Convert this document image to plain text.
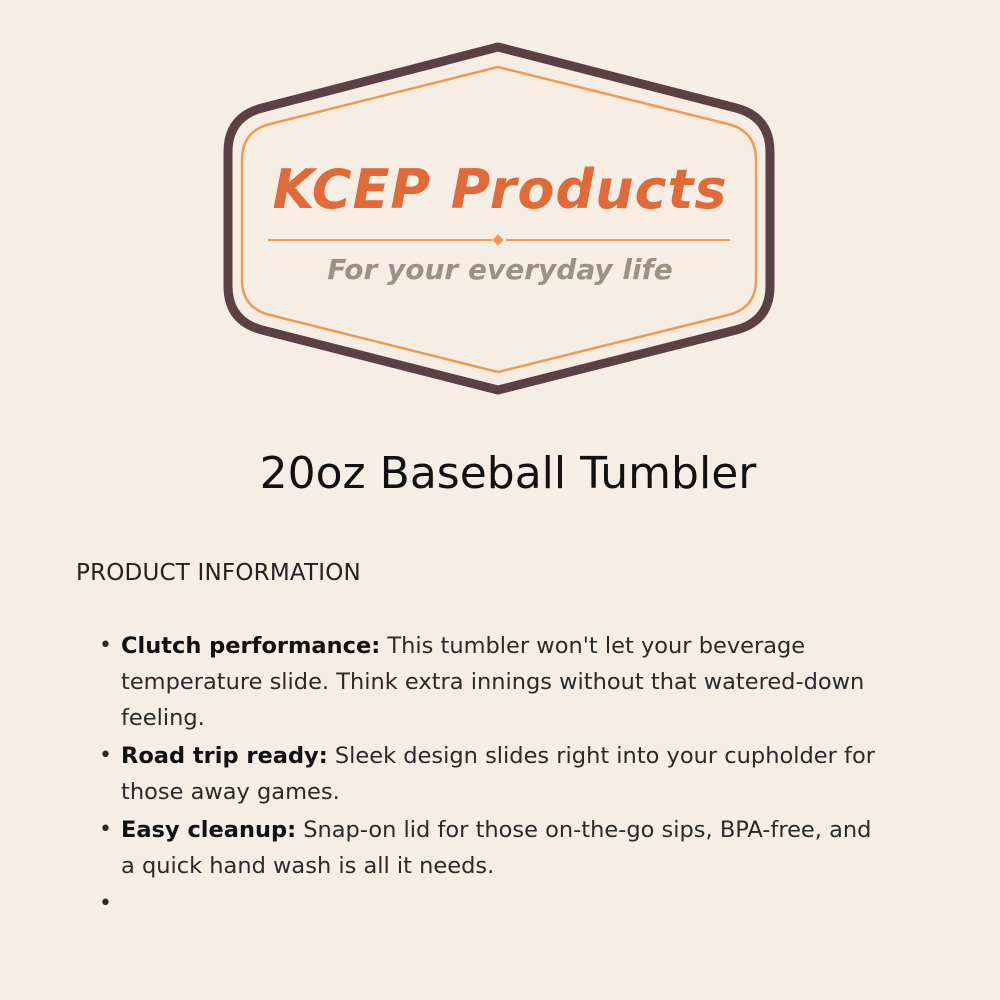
KCEP Products
For your everyday life
20oz Baseball Tumbler
PRODUCT INFORMATION
• Clutch performance: This tumbler won't let your beverage temperature slide. Think extra innings without that watered-down feeling.
• Road trip ready: Sleek design slides right into your cupholder for those away games.
• Easy cleanup: Snap-on lid for those on-the-go sips, BPA-free, and a quick hand wash is all it needs.
•
